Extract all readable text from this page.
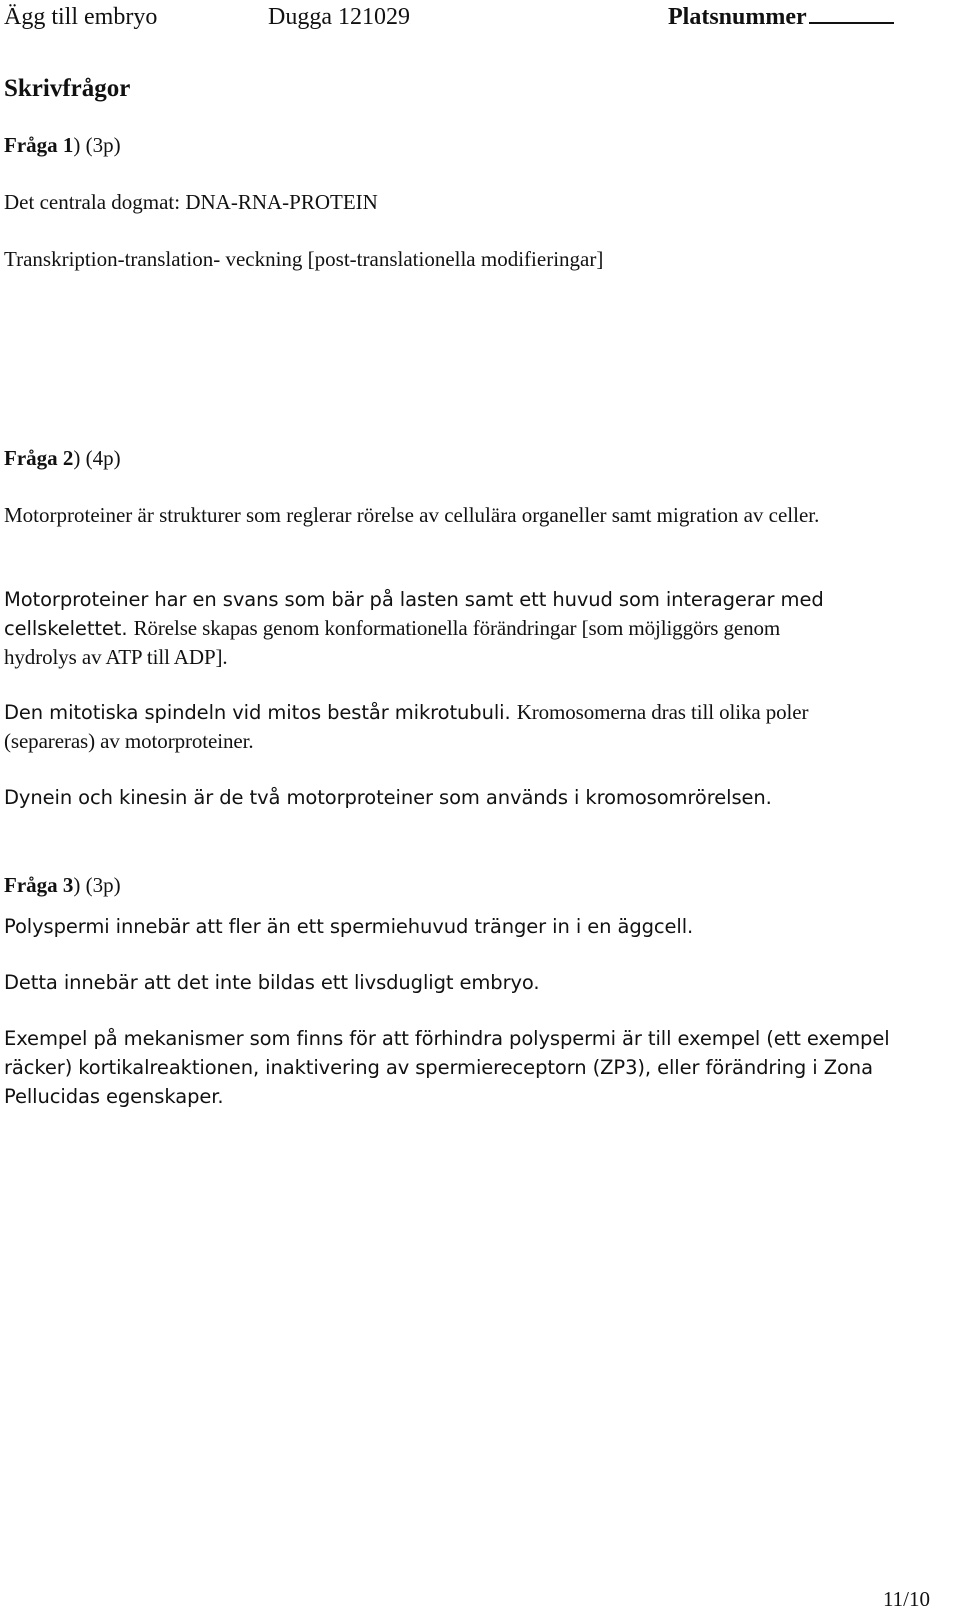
Ägg till embryo	Dugga 121029	Platsnummer
Skrivfrågor
Fråga 1) (3p)

Det centrala dogmat: DNA-RNA-PROTEIN

Transkription-translation- veckning [post-translationella modifieringar]

Fråga 2) (4p)

Motorproteiner är strukturer som reglerar rörelse av cellulära organeller samt migration av celler.

Motorproteiner har en svans som bär på lasten samt ett huvud som interagerar med cellskelettet. Rörelse skapas genom konformationella förändringar [som möjliggörs genom hydrolys av ATP till ADP].

Den mitotiska spindeln vid mitos består mikrotubuli. Kromosomerna dras till olika poler (separeras) av motorproteiner.

Dynein och kinesin är de två motorproteiner som används i kromosomrörelsen.

Fråga 3) (3p)

Polyspermi innebär att fler än ett spermiehuvud tränger in i en äggcell.

Detta innebär att det inte bildas ett livsdugligt embryo.

Exempel på mekanismer som finns för att förhindra polyspermi är till exempel (ett exempel räcker) kortikalreaktionen, inaktivering av spermiereceptorn (ZP3), eller förändring i Zona Pellucidas egenskaper.

11/10
